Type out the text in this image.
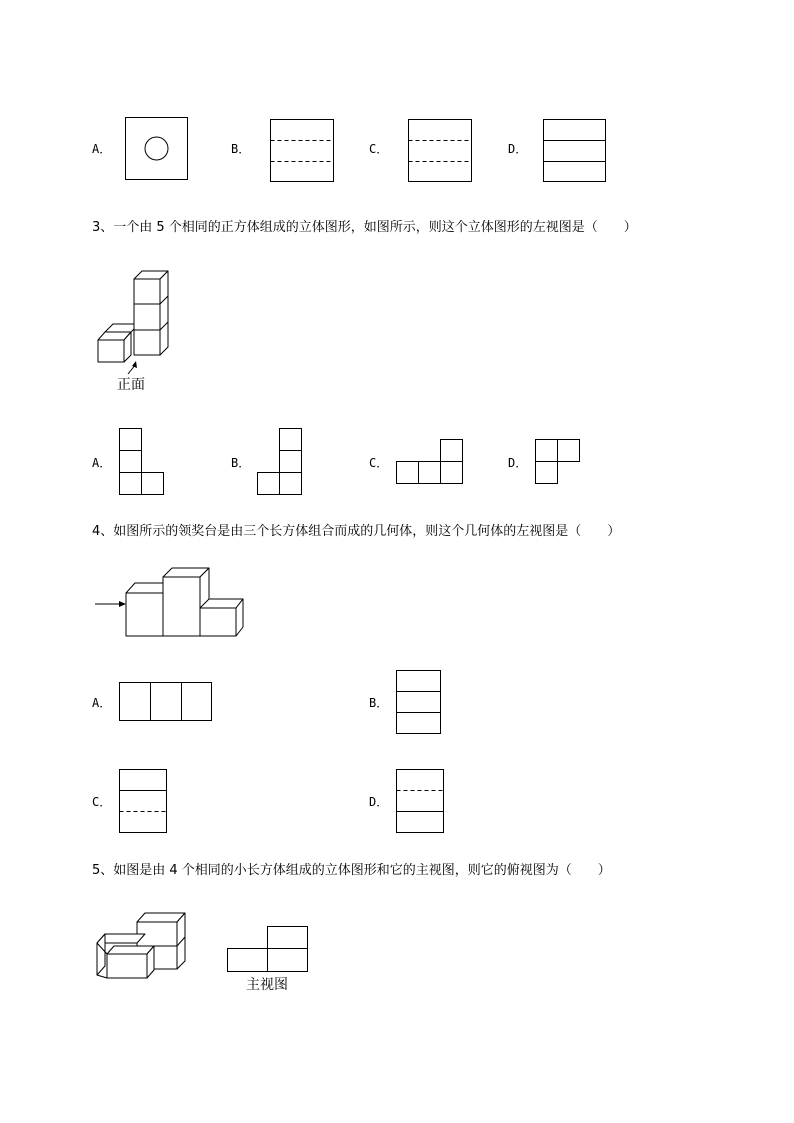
A．	B．	C．	D．
3、一个由 5 个相同的正方体组成的立体图形，如图所示，则这个立体图形的左视图是（　　）
正面
A．	B．	C．	D．
4、如图所示的领奖台是由三个长方体组合而成的几何体，则这个几何体的左视图是（　　）
A．	B．
C．	D．
5、如图是由 4 个相同的小长方体组成的立体图形和它的主视图，则它的俯视图为（　　）
主视图
